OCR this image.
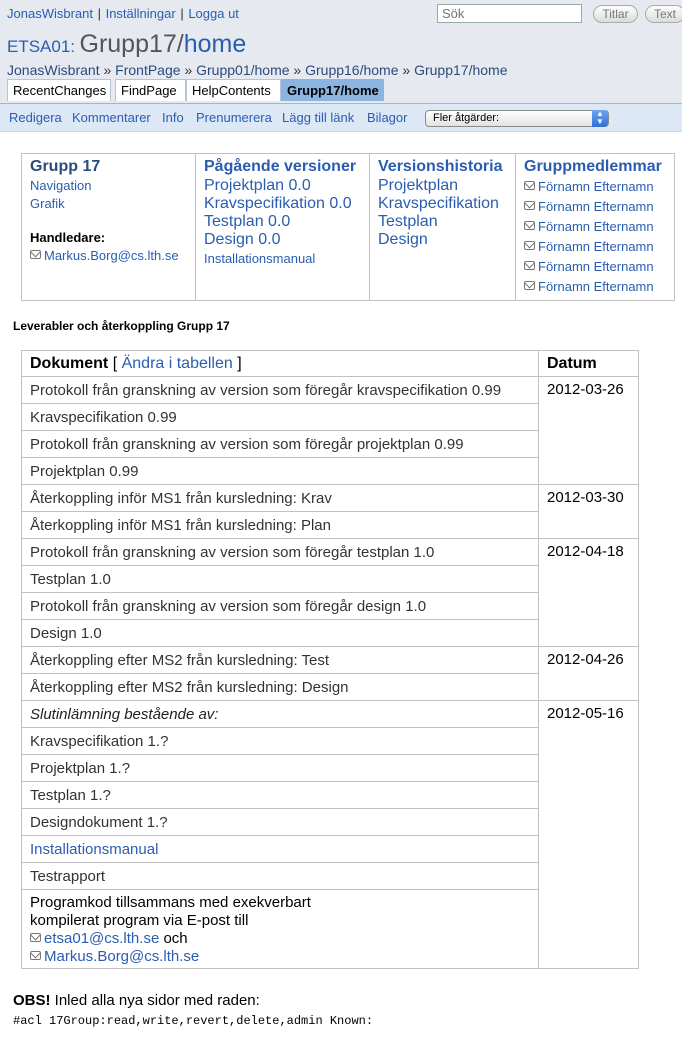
JonasWisbrant | Inställningar | Logga ut
Sök	Titlar	Text
ETSA01: Grupp17/home
JonasWisbrant » FrontPage » Grupp01/home » Grupp16/home » Grupp17/home
RecentChanges	FindPage	HelpContents	Grupp17/home
Redigera Kommentarer Info Prenumerera Lägg till länk Bilagor	Fler åtgärder:	▲
▼
Grupp 17
Navigation
Grafik
Handledare:
Markus.Borg@cs.lth.se

Pågående versioner
Projektplan 0.0
Kravspecifikation 0.0
Testplan 0.0
Design 0.0
Installationsmanual

Versionshistoria
Projektplan
Kravspecifikation
Testplan
Design

Gruppmedlemmar
Förnamn Efternamn
Förnamn Efternamn
Förnamn Efternamn
Förnamn Efternamn
Förnamn Efternamn
Förnamn Efternamn
Leverabler och återkoppling Grupp 17
Dokument [ Ändra i tabellen ]	Datum
Protokoll från granskning av version som föregår kravspecifikation 0.99	2012-03-26
Kravspecifikation 0.99	
Protokoll från granskning av version som föregår projektplan 0.99	
Projektplan 0.99	
Återkoppling inför MS1 från kursledning: Krav	2012-03-30
Återkoppling inför MS1 från kursledning: Plan	
Protokoll från granskning av version som föregår testplan 1.0	2012-04-18
Testplan 1.0	
Protokoll från granskning av version som föregår design 1.0	
Design 1.0	
Återkoppling efter MS2 från kursledning: Test	2012-04-26
Återkoppling efter MS2 från kursledning: Design	
Slutinlämning bestående av:	2012-05-16
Kravspecifikation 1.?	
Projektplan 1.?	
Testplan 1.?	
Designdokument 1.?	
Installationsmanual	
Testrapport	

Programkod tillsammans med exekverbart
kompilerat program via E-post till
etsa01@cs.lth.se och
Markus.Borg@cs.lth.se	
OBS! Inled alla nya sidor med raden:
#acl 17Group:read,write,revert,delete,admin Known:
